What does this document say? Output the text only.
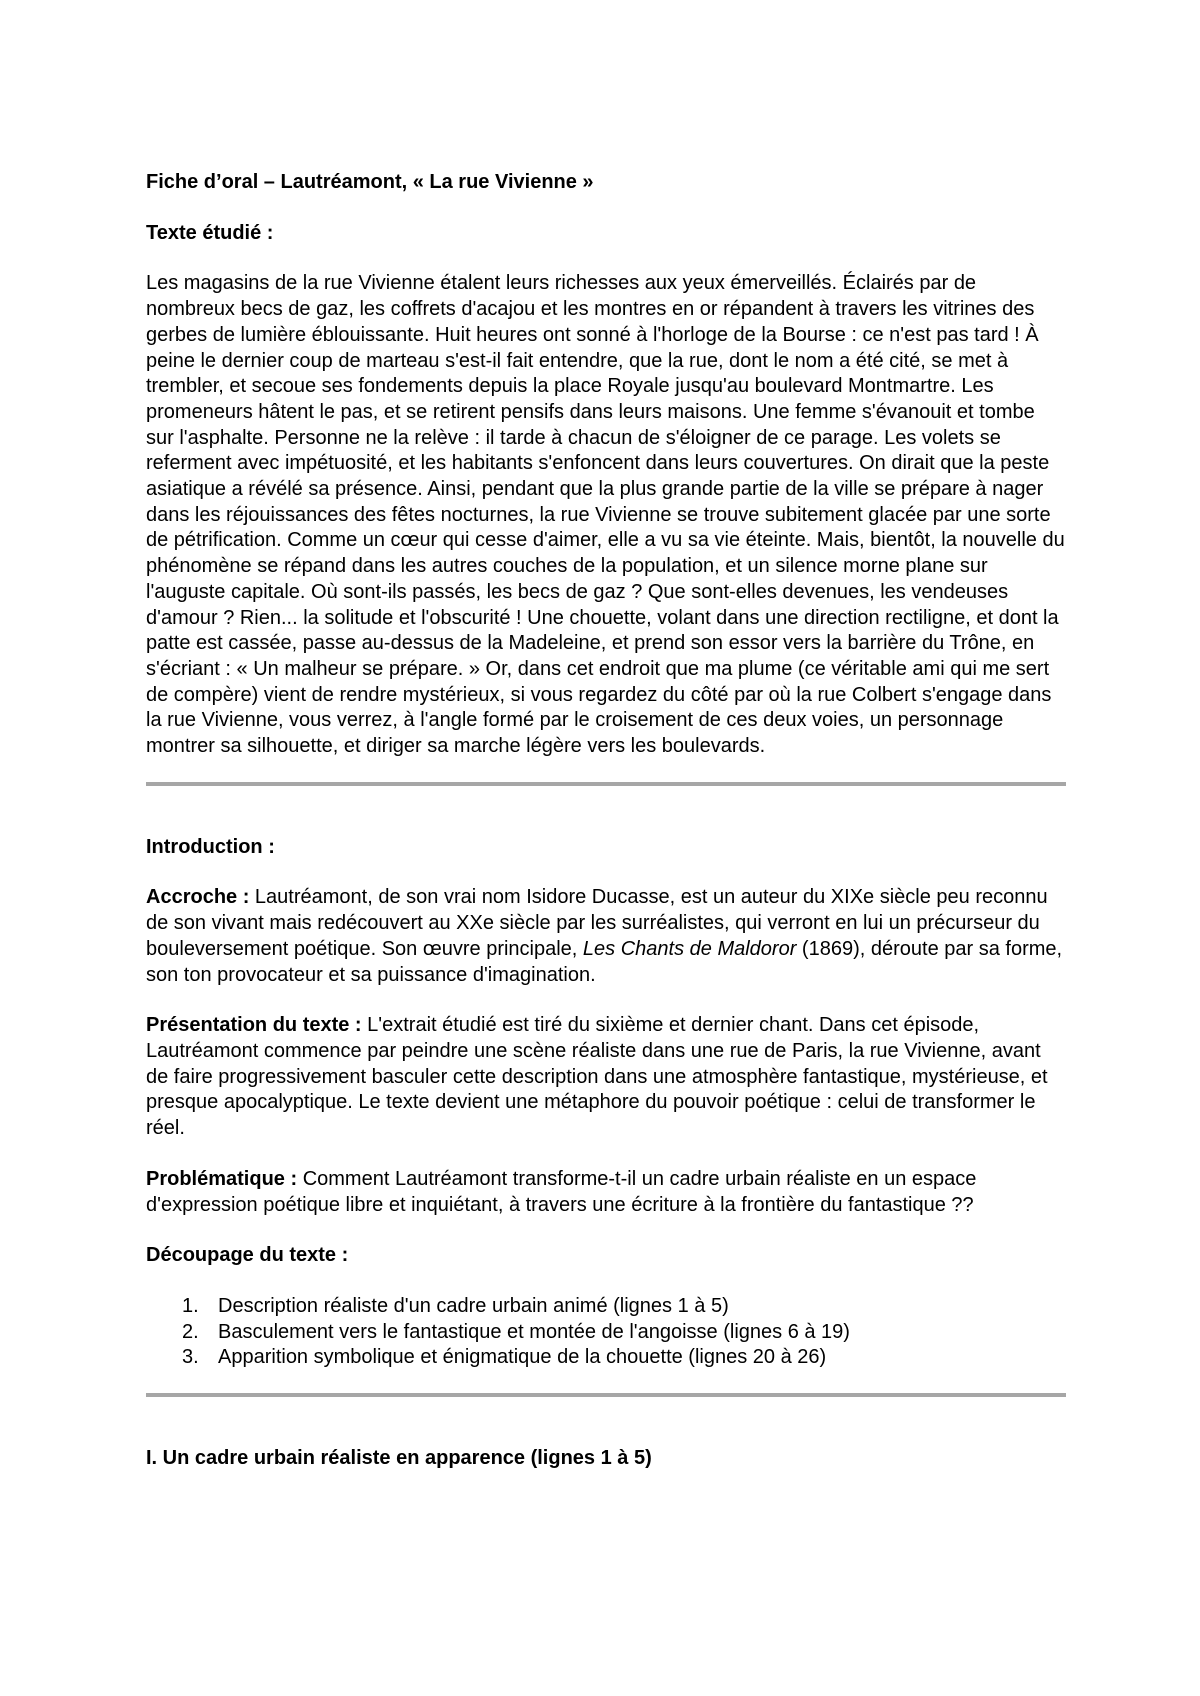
Fiche d’oral – Lautréamont, « La rue Vivienne »

Texte étudié :

Les magasins de la rue Vivienne étalent leurs richesses aux yeux émerveillés. Éclairés par de nombreux becs de gaz, les coffrets d'acajou et les montres en or répandent à travers les vitrines des gerbes de lumière éblouissante. Huit heures ont sonné à l'horloge de la Bourse : ce n'est pas tard ! À peine le dernier coup de marteau s'est-il fait entendre, que la rue, dont le nom a été cité, se met à trembler, et secoue ses fondements depuis la place Royale jusqu'au boulevard Montmartre. Les promeneurs hâtent le pas, et se retirent pensifs dans leurs maisons. Une femme s'évanouit et tombe sur l'asphalte. Personne ne la relève : il tarde à chacun de s'éloigner de ce parage. Les volets se referment avec impétuosité, et les habitants s'enfoncent dans leurs couvertures. On dirait que la peste asiatique a révélé sa présence. Ainsi, pendant que la plus grande partie de la ville se prépare à nager dans les réjouissances des fêtes nocturnes, la rue Vivienne se trouve subitement glacée par une sorte de pétrification. Comme un cœur qui cesse d'aimer, elle a vu sa vie éteinte. Mais, bientôt, la nouvelle du phénomène se répand dans les autres couches de la population, et un silence morne plane sur l'auguste capitale. Où sont-ils passés, les becs de gaz ? Que sont-elles devenues, les vendeuses d'amour ? Rien... la solitude et l'obscurité ! Une chouette, volant dans une direction rectiligne, et dont la patte est cassée, passe au-dessus de la Madeleine, et prend son essor vers la barrière du Trône, en s'écriant : « Un malheur se prépare. » Or, dans cet endroit que ma plume (ce véritable ami qui me sert de compère) vient de rendre mystérieux, si vous regardez du côté par où la rue Colbert s'engage dans la rue Vivienne, vous verrez, à l'angle formé par le croisement de ces deux voies, un personnage montrer sa silhouette, et diriger sa marche légère vers les boulevards.

Introduction :

Accroche : Lautréamont, de son vrai nom Isidore Ducasse, est un auteur du XIXe siècle peu reconnu de son vivant mais redécouvert au XXe siècle par les surréalistes, qui verront en lui un précurseur du bouleversement poétique. Son œuvre principale, Les Chants de Maldoror (1869), déroute par sa forme, son ton provocateur et sa puissance d'imagination.

Présentation du texte : L'extrait étudié est tiré du sixième et dernier chant. Dans cet épisode, Lautréamont commence par peindre une scène réaliste dans une rue de Paris, la rue Vivienne, avant de faire progressivement basculer cette description dans une atmosphère fantastique, mystérieuse, et presque apocalyptique. Le texte devient une métaphore du pouvoir poétique : celui de transformer le réel.

Problématique : Comment Lautréamont transforme-t-il un cadre urbain réaliste en un espace d'expression poétique libre et inquiétant, à travers une écriture à la frontière du fantastique ??

Découpage du texte :

1. Description réaliste d'un cadre urbain animé (lignes 1 à 5)
2. Basculement vers le fantastique et montée de l'angoisse (lignes 6 à 19)
3. Apparition symbolique et énigmatique de la chouette (lignes 20 à 26)

I. Un cadre urbain réaliste en apparence (lignes 1 à 5)
